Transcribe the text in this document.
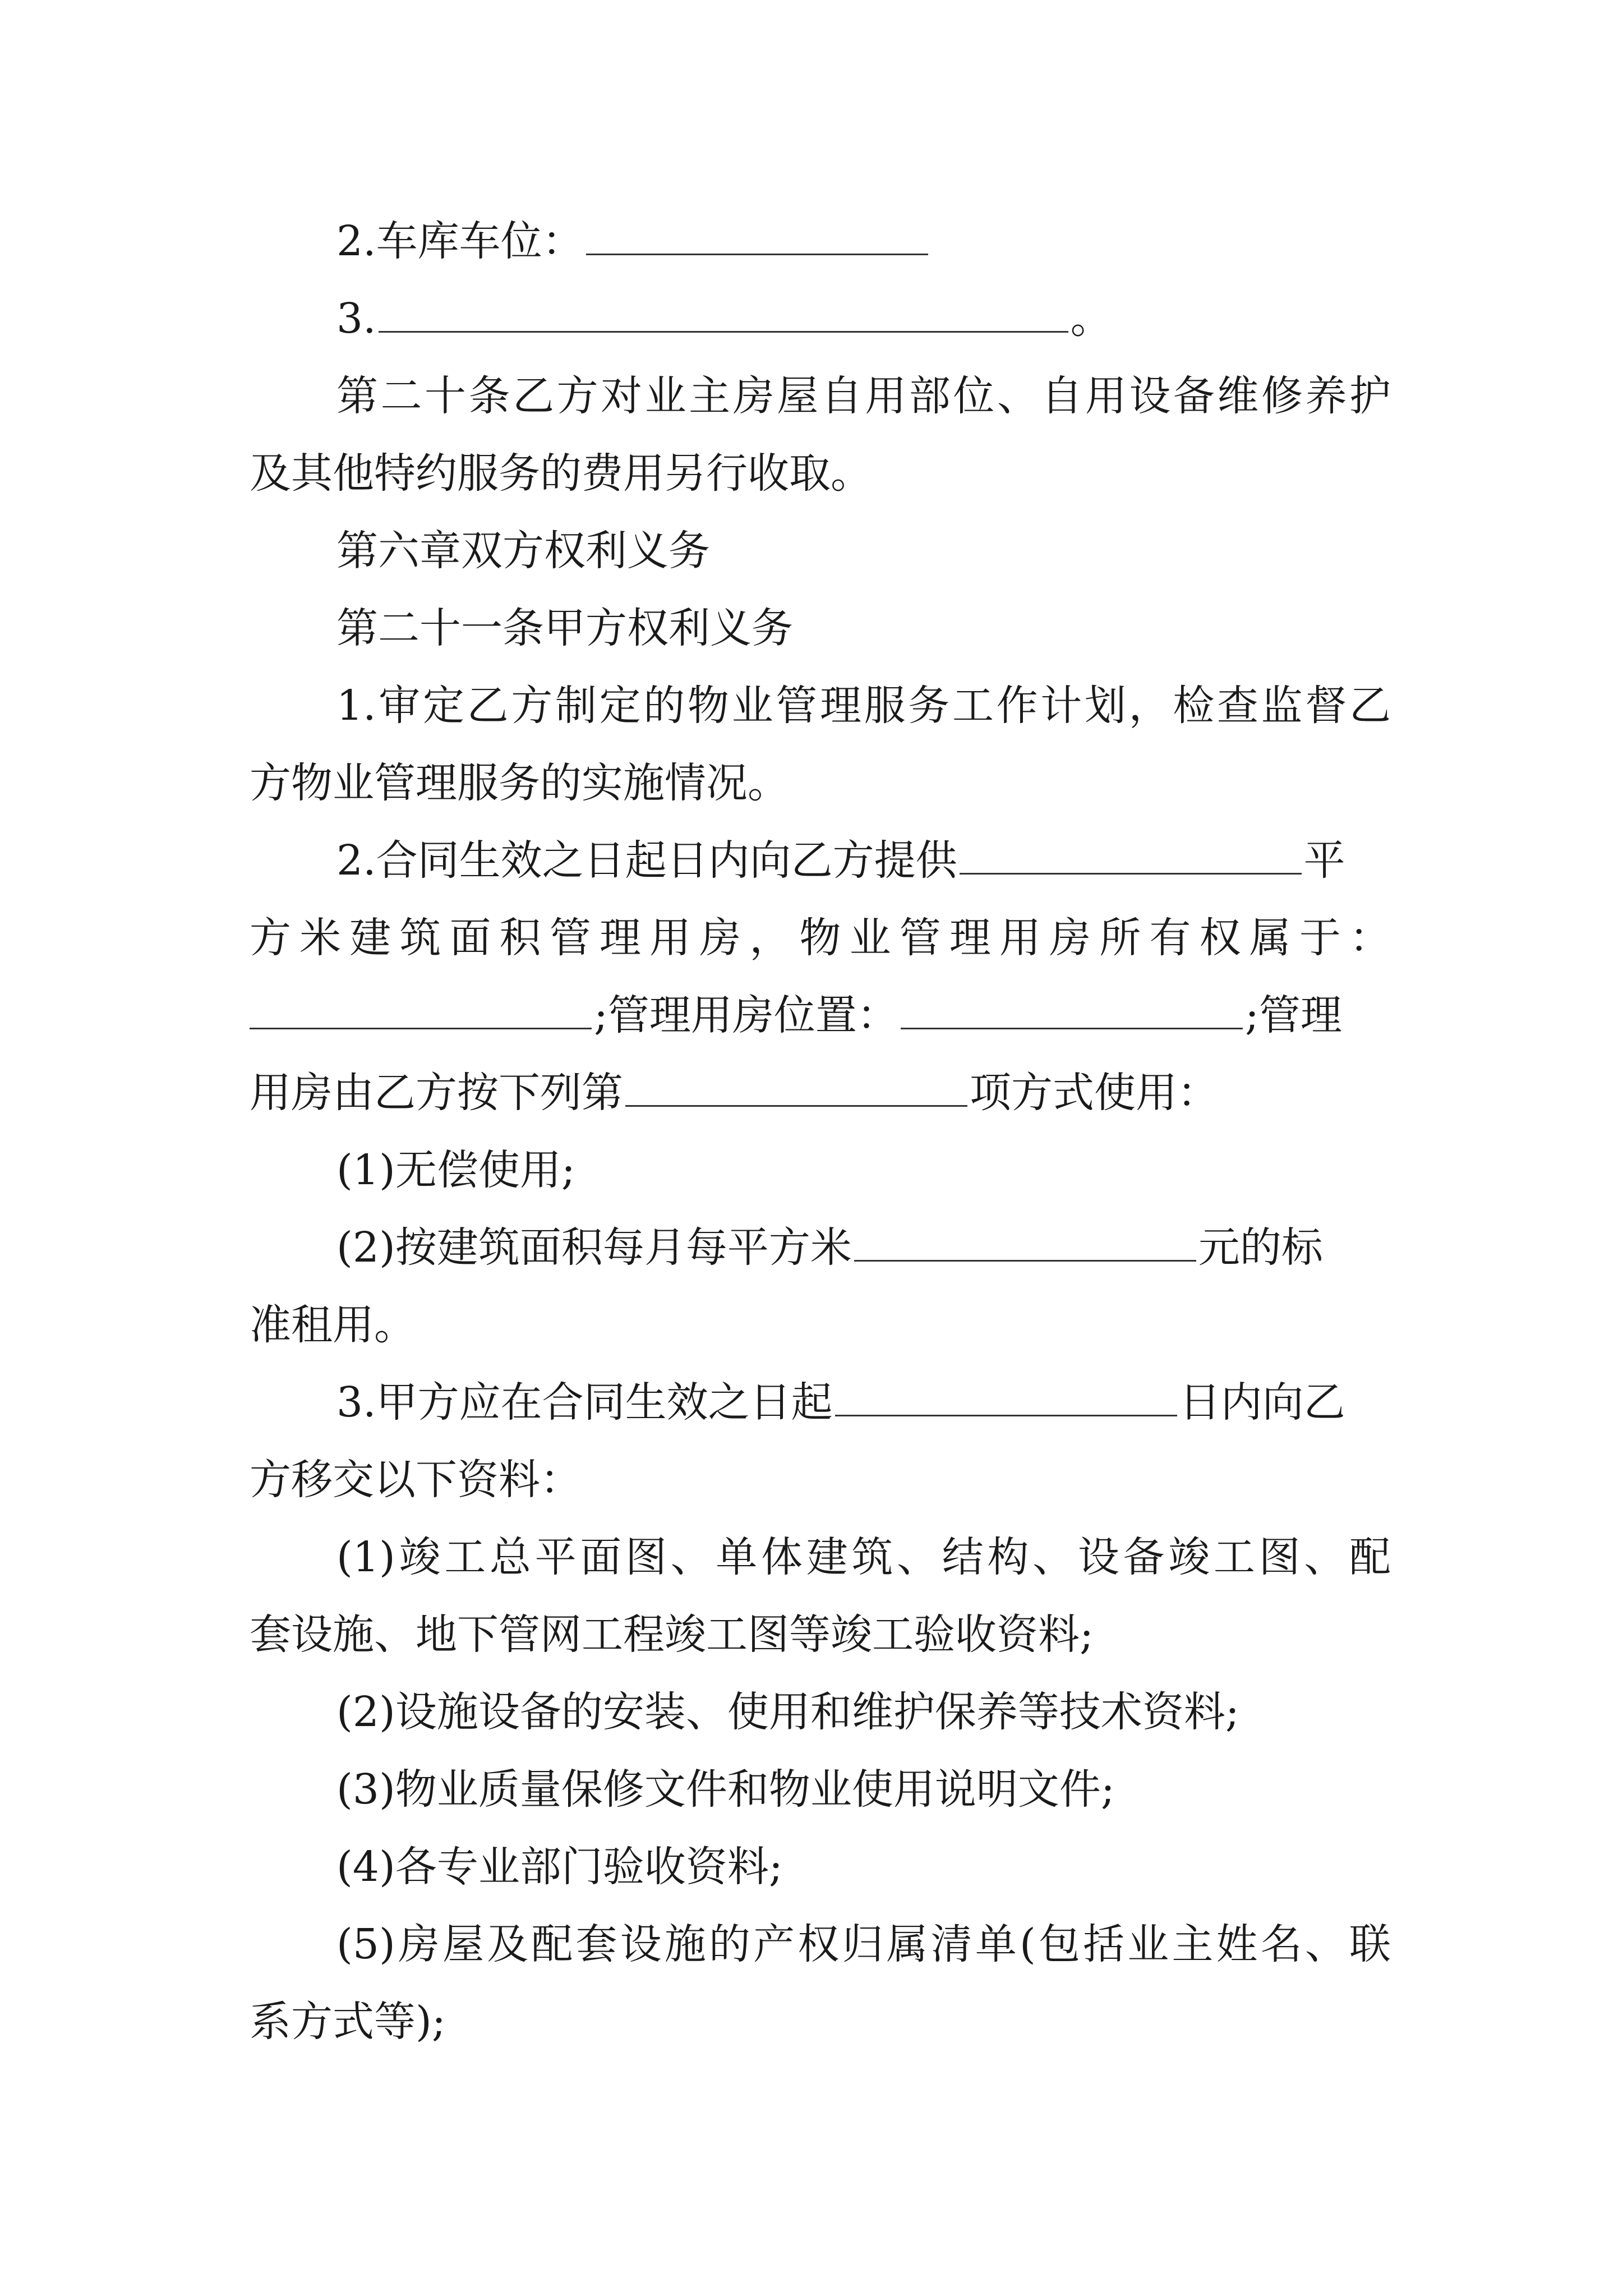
2.车库车位：
3.	。
第二十条乙方对业主房屋自用部位、自用设备维修养护
及其他特约服务的费用另行收取。
第六章双方权利义务
第二十一条甲方权利义务
1.审定乙方制定的物业管理服务工作计划，检查监督乙
方物业管理服务的实施情况。
2.合同生效之日起日内向乙方提供	平
方米建筑面积管理用房，物业管理用房所有权属于：
;管理用房位置：	;管理
用房由乙方按下列第	项方式使用：
(1)无偿使用;
(2)按建筑面积每月每平方米	元的标
准租用。
3.甲方应在合同生效之日起	日内向乙
方移交以下资料：
(1)竣工总平面图、单体建筑、结构、设备竣工图、配
套设施、地下管网工程竣工图等竣工验收资料;
(2)设施设备的安装、使用和维护保养等技术资料;
(3)物业质量保修文件和物业使用说明文件;
(4)各专业部门验收资料;
(5)房屋及配套设施的产权归属清单(包括业主姓名、联
系方式等);
